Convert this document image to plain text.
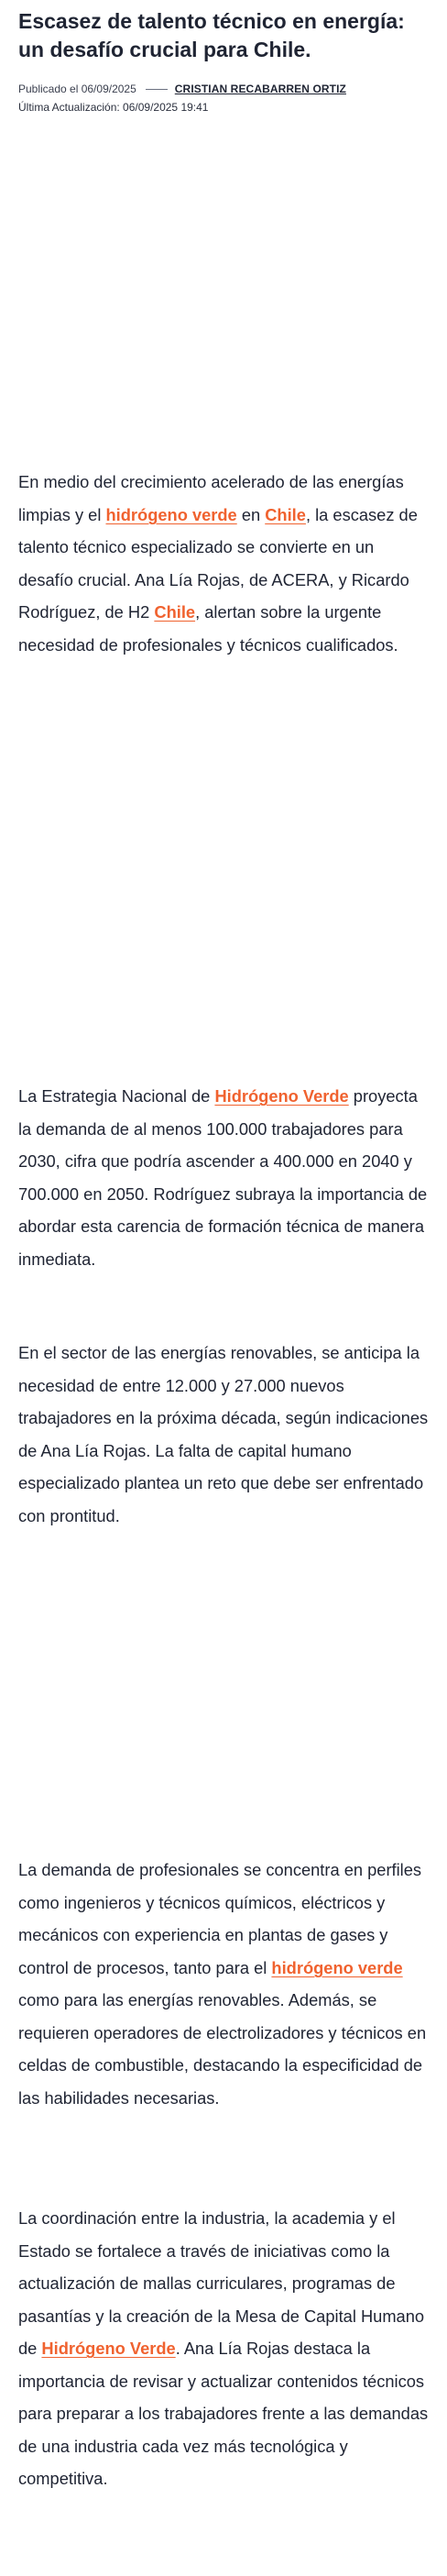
Escasez de talento técnico en energía: un desafío crucial para Chile.
Publicado el 06/09/2025	CRISTIAN RECABARREN ORTIZ
Última Actualización: 06/09/2025 19:41

En medio del crecimiento acelerado de las energías limpias y el hidrógeno verde en Chile, la escasez de talento técnico especializado se convierte en un desafío crucial. Ana Lía Rojas, de ACERA, y Ricardo Rodríguez, de H2 Chile, alertan sobre la urgente necesidad de profesionales y técnicos cualificados.

La Estrategia Nacional de Hidrógeno Verde proyecta la demanda de al menos 100.000 trabajadores para 2030, cifra que podría ascender a 400.000 en 2040 y 700.000 en 2050. Rodríguez subraya la importancia de abordar esta carencia de formación técnica de manera inmediata.

En el sector de las energías renovables, se anticipa la necesidad de entre 12.000 y 27.000 nuevos trabajadores en la próxima década, según indicaciones de Ana Lía Rojas. La falta de capital humano especializado plantea un reto que debe ser enfrentado con prontitud.

La demanda de profesionales se concentra en perfiles como ingenieros y técnicos químicos, eléctricos y mecánicos con experiencia en plantas de gases y control de procesos, tanto para el hidrógeno verde como para las energías renovables. Además, se requieren operadores de electrolizadores y técnicos en celdas de combustible, destacando la especificidad de las habilidades necesarias.

La coordinación entre la industria, la academia y el Estado se fortalece a través de iniciativas como la actualización de mallas curriculares, programas de pasantías y la creación de la Mesa de Capital Humano de Hidrógeno Verde. Ana Lía Rojas destaca la importancia de revisar y actualizar contenidos técnicos para preparar a los trabajadores frente a las demandas de una industria cada vez más tecnológica y competitiva.
